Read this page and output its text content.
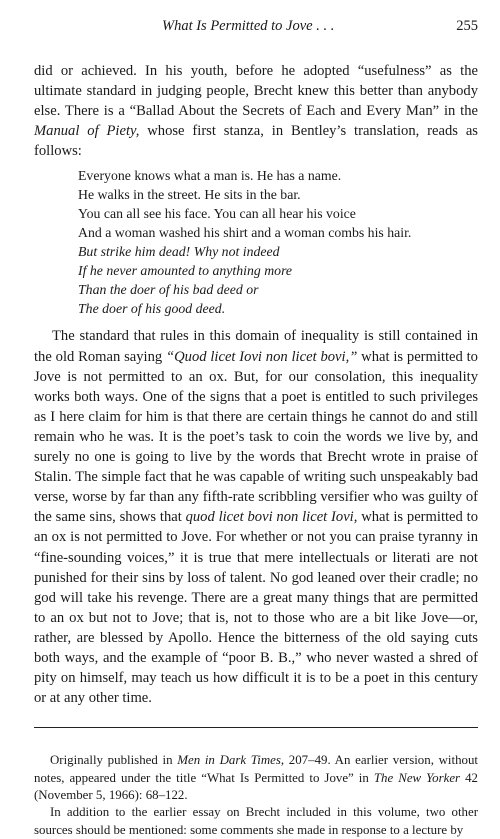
What Is Permitted to Jove . . .	255

did or achieved. In his youth, before he adopted “usefulness” as the ultimate standard in judging people, Brecht knew this better than anybody else. There is a “Ballad About the Secrets of Each and Every Man” in the Manual of Piety, whose first stanza, in Bentley’s translation, reads as follows:

Everyone knows what a man is. He has a name.
He walks in the street. He sits in the bar.
You can all see his face. You can all hear his voice
And a woman washed his shirt and a woman combs his hair.
But strike him dead! Why not indeed
If he never amounted to anything more
Than the doer of his bad deed or
The doer of his good deed.

The standard that rules in this domain of inequality is still contained in the old Roman saying “Quod licet Iovi non licet bovi,” what is permitted to Jove is not permitted to an ox. But, for our consolation, this inequality works both ways. One of the signs that a poet is entitled to such privileges as I here claim for him is that there are certain things he cannot do and still remain who he was. It is the poet’s task to coin the words we live by, and surely no one is going to live by the words that Brecht wrote in praise of Stalin. The simple fact that he was capable of writing such unspeakably bad verse, worse by far than any fifth-rate scribbling versifier who was guilty of the same sins, shows that quod licet bovi non licet Iovi, what is permitted to an ox is not permitted to Jove. For whether or not you can praise tyranny in “fine-sounding voices,” it is true that mere intellectuals or literati are not punished for their sins by loss of talent. No god leaned over their cradle; no god will take his revenge. There are a great many things that are permitted to an ox but not to Jove; that is, not to those who are a bit like Jove—or, rather, are blessed by Apollo. Hence the bitterness of the old saying cuts both ways, and the example of “poor B. B.,” who never wasted a shred of pity on himself, may teach us how difficult it is to be a poet in this century or at any other time.

Originally published in Men in Dark Times, 207–49. An earlier version, without notes, appeared under the title “What Is Permitted to Jove” in The New Yorker 42 (November 5, 1966): 68–122.

In addition to the earlier essay on Brecht included in this volume, two other sources should be mentioned: some comments she made in response to a lecture by
